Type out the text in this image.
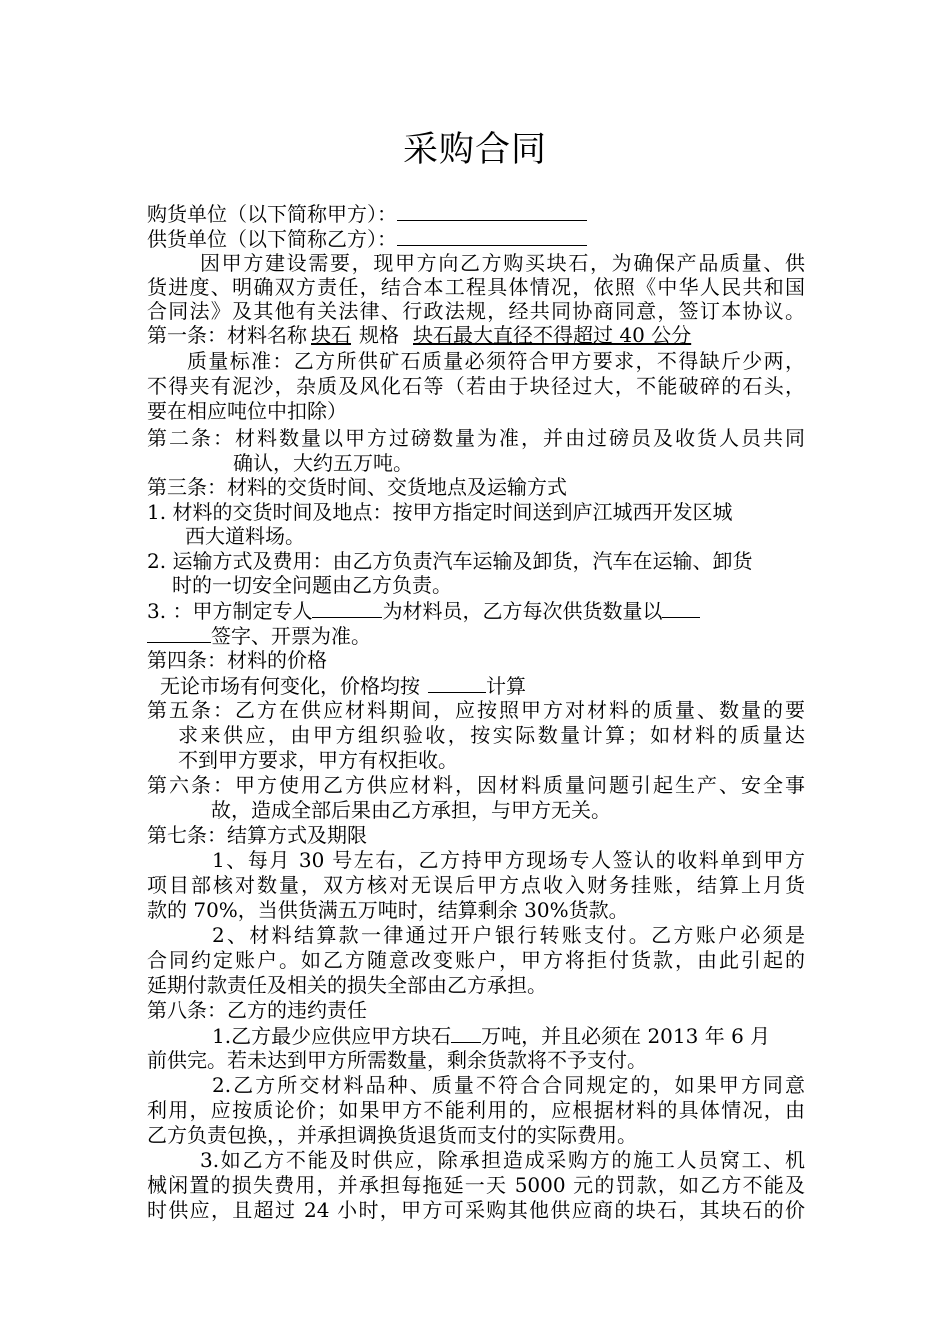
采购合同
购货单位（以下简称甲方）：
供货单位（以下简称乙方）：
因甲方建设需要，现甲方向乙方购买块石，为确保产品质量、供
货进度、明确双方责任，结合本工程具体情况，依照《中华人民共和国
合同法》及其他有关法律、行政法规，经共同协商同意，签订本协议。
第一条：材料名称 块石 规格 块石最大直径不得超过 40 公分
质量标准：乙方所供矿石质量必须符合甲方要求，不得缺斤少两，
不得夹有泥沙，杂质及风化石等（若由于块径过大，不能破碎的石头，
要在相应吨位中扣除）
第二条：材料数量以甲方过磅数量为准，并由过磅员及收货人员共同
确认，大约五万吨。
第三条：材料的交货时间、交货地点及运输方式
1. 材料的交货时间及地点：按甲方指定时间送到庐江城西开发区城
西大道料场。
2. 运输方式及费用：由乙方负责汽车运输及卸货，汽车在运输、卸货
时的一切安全问题由乙方负责。
3. ：甲方制定专人	为材料员，乙方每次供货数量以
签字、开票为准。
第四条：材料的价格
无论市场有何变化，价格均按	计算
第五条：乙方在供应材料期间，应按照甲方对材料的质量、数量的要
求来供应，由甲方组织验收，按实际数量计算；如材料的质量达
不到甲方要求，甲方有权拒收。
第六条：甲方使用乙方供应材料，因材料质量问题引起生产、安全事
故，造成全部后果由乙方承担，与甲方无关。
第七条：结算方式及期限
1、每月 30 号左右，乙方持甲方现场专人签认的收料单到甲方
项目部核对数量，双方核对无误后甲方点收入财务挂账，结算上月货
款的 70%，当供货满五万吨时，结算剩余 30%货款。
2、材料结算款一律通过开户银行转账支付。乙方账户必须是
合同约定账户。如乙方随意改变账户，甲方将拒付货款，由此引起的
延期付款责任及相关的损失全部由乙方承担。
第八条：乙方的违约责任
1.乙方最少应供应甲方块石 万吨，并且必须在 2013 年 6 月
前供完。若未达到甲方所需数量，剩余货款将不予支付。
2.乙方所交材料品种、质量不符合合同规定的，如果甲方同意
利用，应按质论价；如果甲方不能利用的，应根据材料的具体情况，由
乙方负责包换，，并承担调换货退货而支付的实际费用。
3.如乙方不能及时供应，除承担造成采购方的施工人员窝工、机
械闲置的损失费用，并承担每拖延一天 5000 元的罚款，如乙方不能及
时供应，且超过 24 小时，甲方可采购其他供应商的块石，其块石的价
